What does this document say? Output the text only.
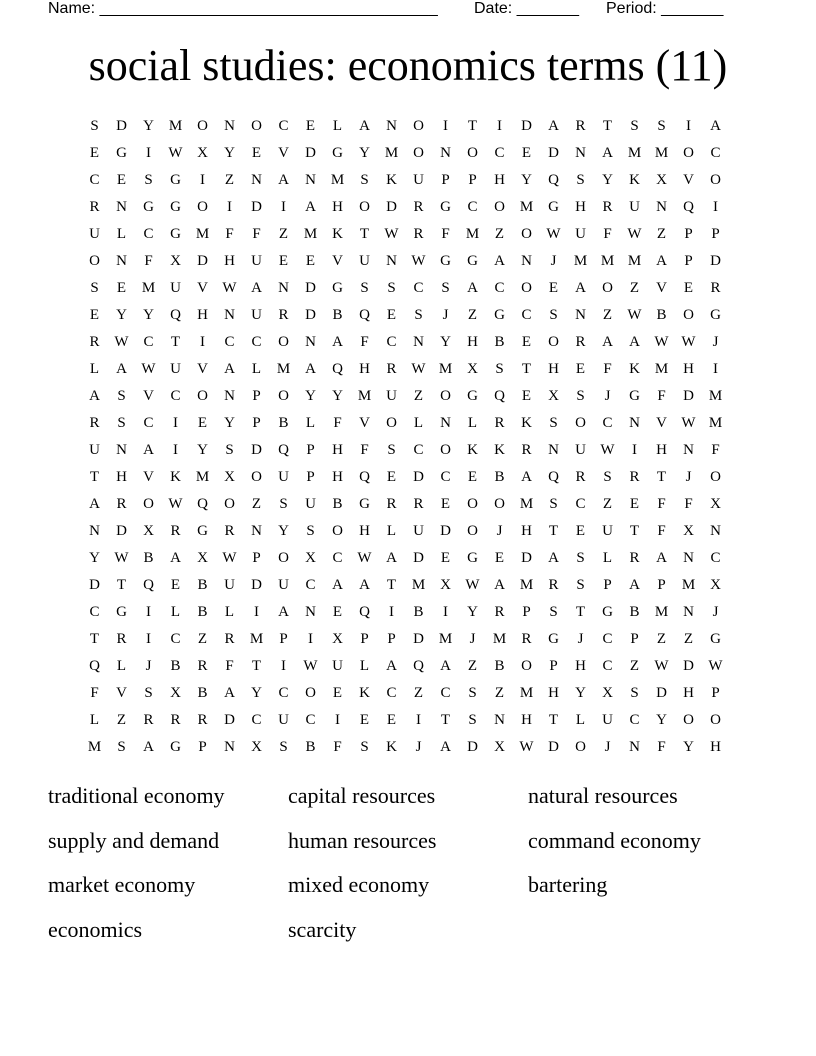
Name: ______________________________________ Date: _______ Period: _______
social studies: economics terms (11)
S	D	Y M O	N	O	C	E	L	A	N	O	I	T	I	D	A	R	T	S	S	I	A
E	G	I	W X	Y	E	V	D	G	Y M O	N	O	C	E	D	N	A M M O	C
C	E	S	G	I	Z	N	A	N M	S	K	U	P	P	H	Y	Q	S	Y	K	X	V	O
R	N	G	G	O	I	D	I	A	H	O	D	R	G	C	O M G	H	R	U	N	Q	I
U	L	C	G M	F	F	Z	M K	T	W R	F	M	Z	O W U	F	W	Z	P	P
O	N	F	X	D	H	U	E	E	V	U	N W G	G	A	N	J	M M M A	P	D
S	E	M U	V W A	N	D	G	S	S	C	S	A	C	O	E	A	O	Z	V	E	R
E	Y	Y	Q	H	N	U	R	D	B	Q	E	S	J	Z	G	C	S	N	Z	W B	O	G
R W C	T	I	C	C	O	N	A	F	C	N	Y	H	B	E	O	R	A	A W W	J
L	A W U	V	A	L	M A	Q	H	R W M X	S	T	H	E	F	K M H	I
A	S	V	C	O	N	P	O	Y	Y M U	Z	O	G	Q	E	X	S	J	G	F	D M
R	S	C	I	E	Y	P	B	L	F	V	O	L	N	L	R	K	S	O	C	N	V W M
U	N	A	I	Y	S	D	Q	P	H	F	S	C	O	K	K	R	N	U W	I	H	N	F
T	H	V	K M X	O	U	P	H	Q	E	D	C	E	B	A	Q	R	S	R	T	J	O
A	R	O W Q	O	Z	S	U	B	G	R	R	E	O	O M	S	C	Z	E	F	F	X
N	D	X	R	G	R	N	Y	S	O	H	L	U	D	O	J	H	T	E	U	T	F	X	N
Y W B	A	X W	P	O	X	C W A	D	E	G	E	D	A	S	L	R	A	N	C
D	T	Q	E	B	U	D	U	C	A	A	T	M X W A M	R	S	P	A	P	M X
C	G	I	L	B	L	I	A	N	E	Q	I	B	I	Y	R	P	S	T	G	B	M N	J
T	R	I	C	Z	R	M	P	I	X	P	P	D M	J	M	R	G	J	C	P	Z	Z	G
Q	L	J	B	R	F	T	I	W U	L	A	Q	A	Z	B	O	P	H	C	Z	W D W
F	V	S	X	B	A	Y	C	O	E	K	C	Z	C	S	Z	M H	Y	X	S	D	H	P
L	Z	R	R	R	D	C	U	C	I	E	E	I	T	S	N	H	T	L	U	C	Y	O	O
M	S	A	G	P	N	X	S	B	F	S	K	J	A	D	X W D	O	J	N	F	Y	H
traditional economy	capital resources	natural resources
supply and demand	human resources	command economy
market economy	mixed economy	bartering
economics	scarcity
